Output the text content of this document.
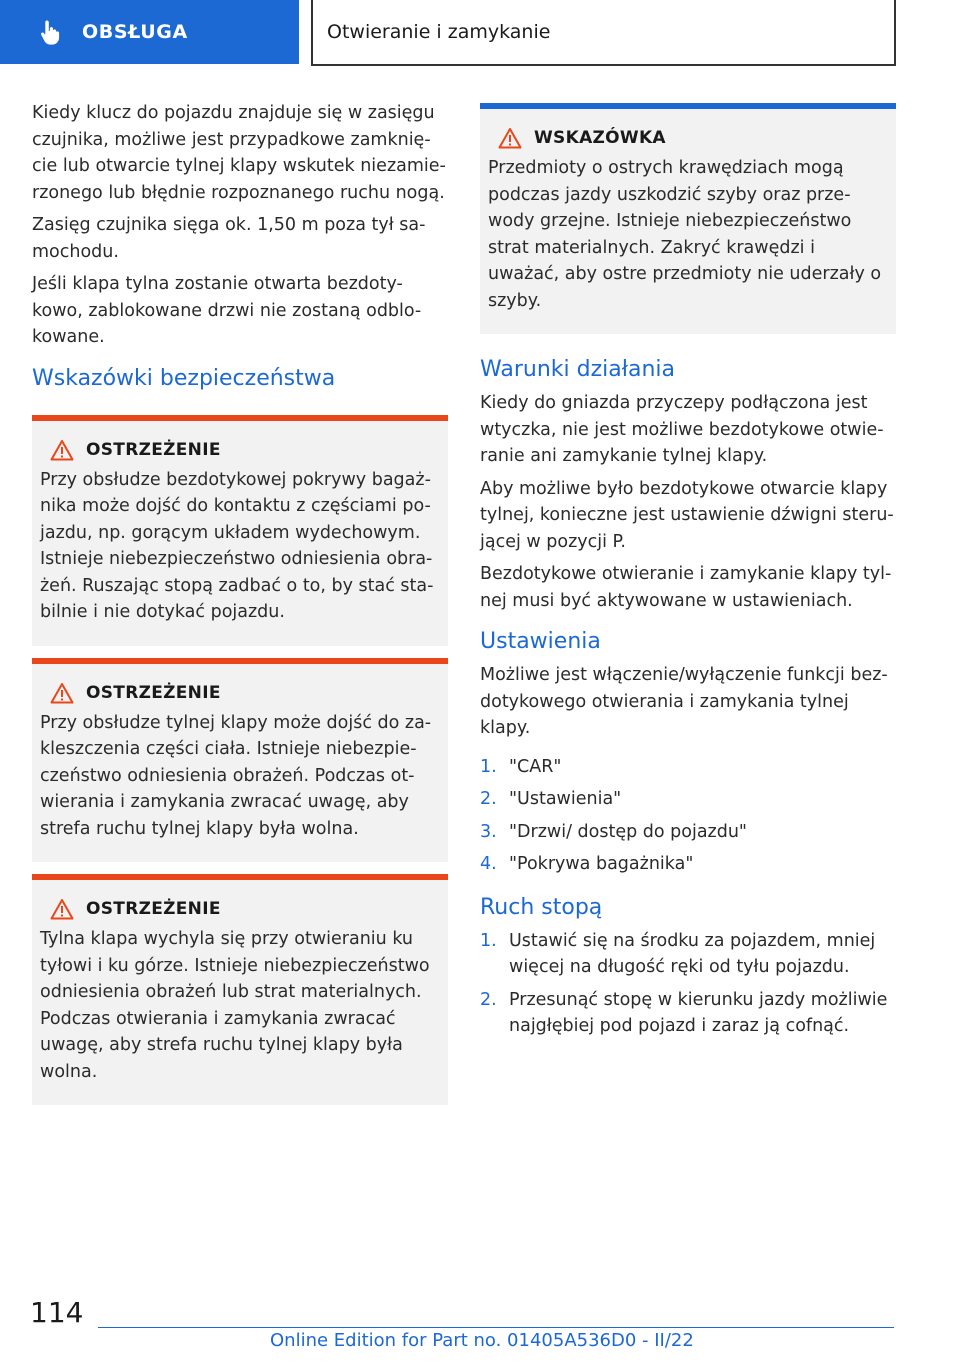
OBSŁUGA	Otwieranie i zamykanie

Kiedy klucz do pojazdu znajduje się w zasięgu czujnika, możliwe jest przypadkowe zamknię- cie lub otwarcie tylnej klapy wskutek niezamie- rzonego lub błędnie rozpoznanego ruchu nogą.

Zasięg czujnika sięga ok. 1,50 m poza tył sa- mochodu.

Jeśli klapa tylna zostanie otwarta bezdoty- kowo, zablokowane drzwi nie zostaną odblo- kowane.

Wskazówki bezpieczeństwa
OSTRZEŻENIE

Przy obsłudze bezdotykowej pokrywy bagaż- nika może dojść do kontaktu z częściami po- jazdu, np. gorącym układem wydechowym. Istnieje niebezpieczeństwo odniesienia obra- żeń. Ruszając stopą zadbać o to, by stać sta- bilnie i nie dotykać pojazdu.

OSTRZEŻENIE

Przy obsłudze tylnej klapy może dojść do za- kleszczenia części ciała. Istnieje niebezpie- czeństwo odniesienia obrażeń. Podczas ot- wierania i zamykania zwracać uwagę, aby strefa ruchu tylnej klapy była wolna.

OSTRZEŻENIE

Tylna klapa wychyla się przy otwieraniu ku tyłowi i ku górze. Istnieje niebezpieczeństwo odniesienia obrażeń lub strat materialnych. Podczas otwierania i zamykania zwracać uwagę, aby strefa ruchu tylnej klapy była wolna.

WSKAZÓWKA

Przedmioty o ostrych krawędziach mogą podczas jazdy uszkodzić szyby oraz prze- wody grzejne. Istnieje niebezpieczeństwo strat materialnych. Zakryć krawędzi i uważać, aby ostre przedmioty nie uderzały o szyby.

Warunki działania

Kiedy do gniazda przyczepy podłączona jest wtyczka, nie jest możliwe bezdotykowe otwie- ranie ani zamykanie tylnej klapy.

Aby możliwe było bezdotykowe otwarcie klapy tylnej, konieczne jest ustawienie dźwigni steru- jącej w pozycji P.

Bezdotykowe otwieranie i zamykanie klapy tyl- nej musi być aktywowane w ustawieniach.

Ustawienia

Możliwe jest włączenie/wyłączenie funkcji bez- dotykowego otwierania i zamykania tylnej klapy.

1. "CAR"
2. "Ustawienia"
3. "Drzwi/ dostęp do pojazdu"
4. "Pokrywa bagażnika"
Ruch stopą
1. Ustawić się na środku za pojazdem, mniej więcej na długość ręki od tyłu pojazdu.
2. Przesunąć stopę w kierunku jazdy możliwie najgłębiej pod pojazd i zaraz ją cofnąć.
114
Online Edition for Part no. 01405A536D0 - II/22
